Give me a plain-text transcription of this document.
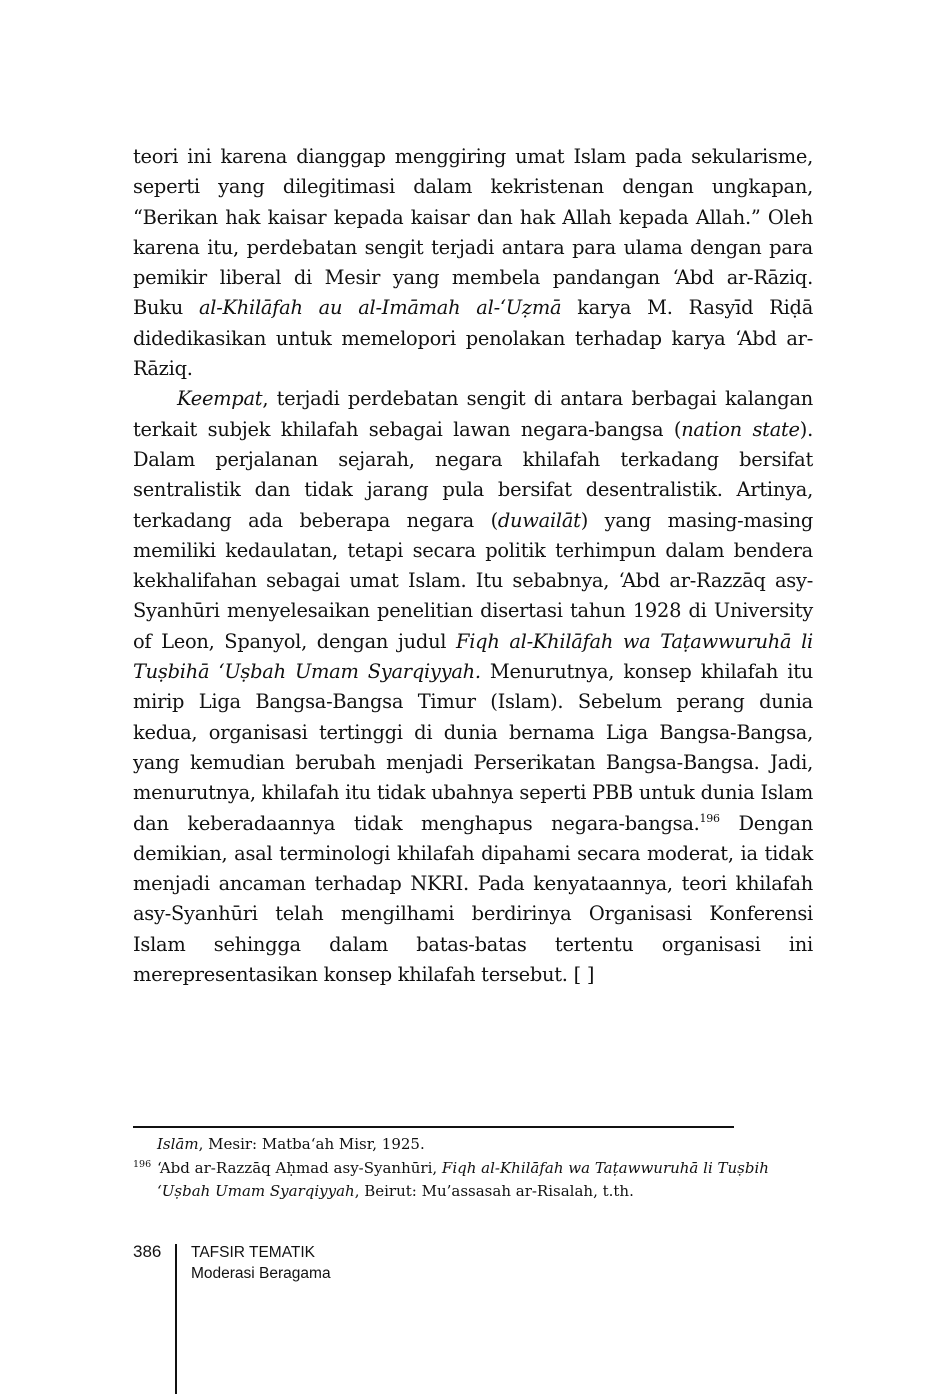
teori ini karena dianggap menggiring umat Islam pada sekularisme, seperti yang dilegitimasi dalam kekristenan dengan ungkapan, “Berikan hak kaisar kepada kaisar dan hak Allah kepada Allah.” Oleh karena itu, perdebatan sengit terjadi antara para ulama dengan para pemikir liberal di Mesir yang membela pandangan ‘Abd ar-Rāziq. Buku al-Khilāfah au al-Imāmah al-‘Uẓmā karya M. Rasyīd Riḍā didedikasikan untuk memelopori penolakan terhadap karya ‘Abd ar-Rāziq.

Keempat, terjadi perdebatan sengit di antara berbagai kalangan terkait subjek khilafah sebagai lawan negara-bangsa (nation state). Dalam perjalanan sejarah, negara khilafah terkadang bersifat sentralistik dan tidak jarang pula bersifat desentralistik. Artinya, terkadang ada beberapa negara (duwailāt) yang masing-masing memiliki kedaulatan, tetapi secara politik terhimpun dalam bendera kekhalifahan sebagai umat Islam. Itu sebabnya, ‘Abd ar-Razzāq asy-Syanhūri menyelesaikan penelitian disertasi tahun 1928 di University of Leon, Spanyol, dengan judul Fiqh al-Khilāfah wa Taṭawwuruhā li Tuṣbihā ‘Uṣbah Umam Syarqiyyah. Menurutnya, konsep khilafah itu mirip Liga Bangsa-Bangsa Timur (Islam). Sebelum perang dunia kedua, organisasi tertinggi di dunia bernama Liga Bangsa-Bangsa, yang kemudian berubah menjadi Perserikatan Bangsa-Bangsa. Jadi, menurutnya, khilafah itu tidak ubahnya seperti PBB untuk dunia Islam dan keberadaannya tidak menghapus negara-bangsa.$^{196}$ Dengan demikian, asal terminologi khilafah dipahami secara moderat, ia tidak menjadi ancaman terhadap NKRI. Pada kenyataannya, teori khilafah asy-Syanhūri telah mengilhami berdirinya Organisasi Konferensi Islam sehingga dalam batas-batas tertentu organisasi ini merepresentasikan konsep khilafah tersebut. [ ]

Islām, Mesir: Matba‘ah Misr, 1925.
196 ‘Abd ar-Razzāq Aḥmad asy-Syanhūri, Fiqh al-Khilāfah wa Taṭawwuruhā li Tuṣbih ‘Uṣbah Umam Syarqiyyah, Beirut: Mu’assasah ar-Risalah, t.th.
386 TAFSIR TEMATIK
Moderasi Beragama
